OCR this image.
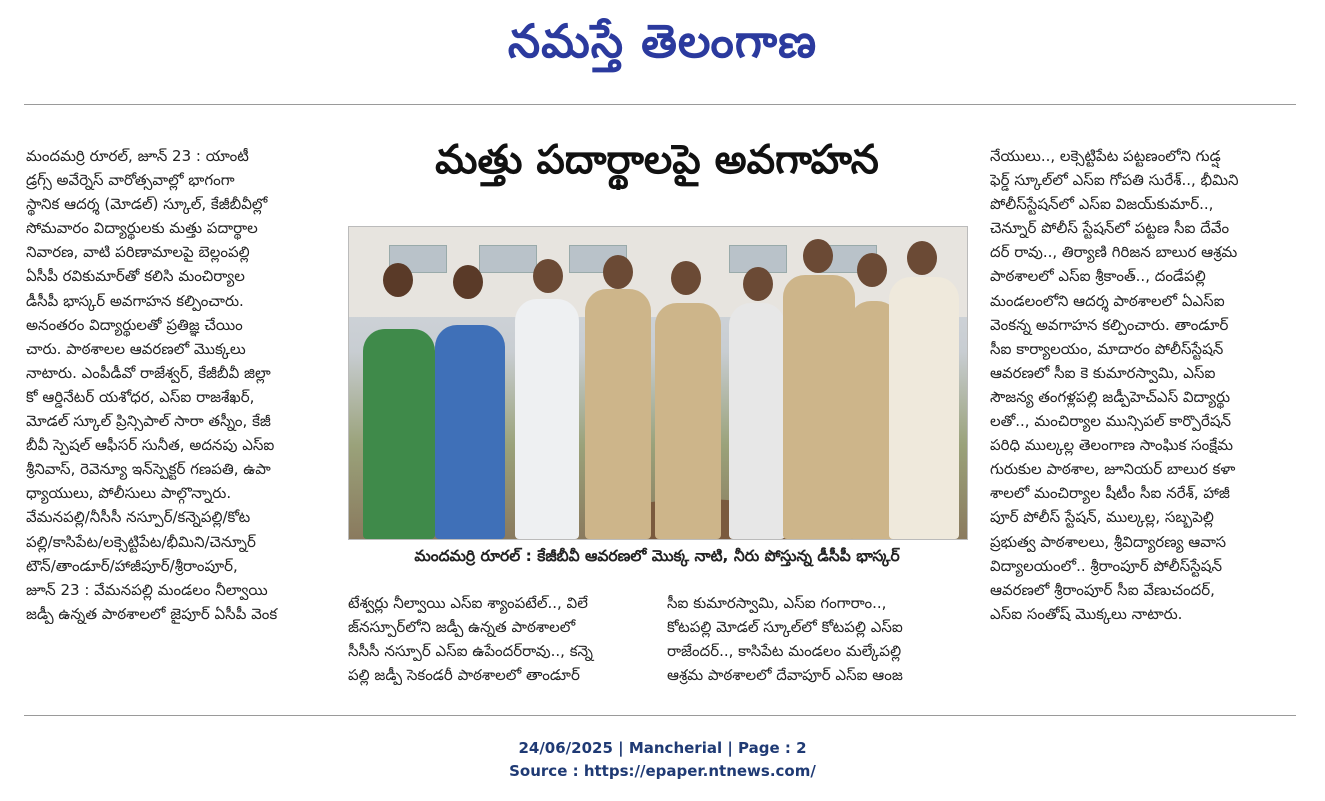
నమస్తే తెలంగాణ
మత్తు పదార్థాలపై అవగాహన
మందమర్రి రూరల్, జూన్ 23 : యాంటీ
డ్రగ్స్ అవేర్నెస్ వారోత్సవాల్లో భాగంగా
స్థానిక ఆదర్శ (మోడల్) స్కూల్, కేజీబీవీల్లో
సోమవారం విద్యార్థులకు మత్తు పదార్థాల
నివారణ, వాటి పరిణామాలపై బెల్లంపల్లి
ఏసీపీ రవికుమార్‌తో కలిసి మంచిర్యాల
డీసీపీ భాస్కర్ అవగాహన కల్పించారు.
అనంతరం విద్యార్థులతో ప్రతిజ్ఞ చేయిం
చారు. పాఠశాలల ఆవరణలో మొక్కలు
నాటారు. ఎంపీడీవో రాజేశ్వర్, కేజీబీవీ జిల్లా
కో ఆర్డినేటర్ యశోధర, ఎస్ఐ రాజశేఖర్,
మోడల్ స్కూల్ ప్రిన్సిపాల్ సారా తస్నీం, కేజీ
బీవీ స్పెషల్ ఆఫీసర్ సునీత, అదనపు ఎస్ఐ
శ్రీనివాస్, రెవెన్యూ ఇన్‌స్పెక్టర్ గణపతి, ఉపా
ధ్యాయులు, పోలీసులు పాల్గొన్నారు.
వేమనపల్లి/నీసీసీ నస్పూర్/కన్నెపల్లి/కోట
పల్లి/కాసిపేట/లక్సెట్టిపేట/భీమిని/చెన్నూర్
టౌన్/తాండూర్/హాజీపూర్/శ్రీరాంపూర్,
జూన్ 23 : వేమనపల్లి మండలం నీల్వాయి
జడ్పీ ఉన్నత పాఠశాలలో జైపూర్ ఏసీపీ వెంక
మందమర్రి రూరల్ : కేజీబీవీ ఆవరణలో మొక్క నాటి, నీరు పోస్తున్న డీసీపీ భాస్కర్
టేశ్వర్లు నీల్వాయి ఎస్ఐ శ్యాంపటేల్.., విలే
జ్‌నస్పూర్‌లోని జడ్పీ ఉన్నత పాఠశాలలో
సీసీసీ నస్పూర్ ఎస్ఐ ఉపేందర్‌రావు.., కన్నె
పల్లి జడ్పీ సెకండరీ పాఠశాలలో తాండూర్
సీఐ కుమారస్వామి, ఎస్ఐ గంగారాం..,
కోటపల్లి మోడల్ స్కూల్‌లో కోటపల్లి ఎస్ఐ
రాజేందర్.., కాసిపేట మండలం మల్కేపల్లి
ఆశ్రమ పాఠశాలలో దేవాపూర్ ఎస్ఐ ఆంజ
నేయులు.., లక్సెట్టిపేట పట్టణంలోని గుడ్ష
ఫెర్డ్ స్కూల్‌లో ఎస్ఐ గోపతి సురేశ్.., భీమిని
పోలీస్‌స్టేషన్‌లో ఎస్ఐ విజయ్‌కుమార్..,
చెన్నూర్ పోలీస్ స్టేషన్‌లో పట్టణ సీఐ దేవేం
దర్ రావు.., తిర్యాణి గిరిజన బాలుర ఆశ్రమ
పాఠశాలలో ఎస్ఐ శ్రీకాంత్.., దండేపల్లి
మండలంలోని ఆదర్శ పాఠశాలలో ఏఎస్ఐ
వెంకన్న అవగాహన కల్పించారు. తాండూర్
సీఐ కార్యాలయం, మాదారం పోలీస్‌స్టేషన్
ఆవరణలో సీఐ కె కుమారస్వామి, ఎస్ఐ
సౌజన్య తంగళ్లపల్లి జడ్పీహెచ్ఎస్ విద్యార్థు
లతో.., మంచిర్యాల మున్సిపల్ కార్పొరేషన్
పరిధి ముల్కల్ల తెలంగాణ సాంఘిక సంక్షేమ
గురుకుల పాఠశాల, జూనియర్ బాలుర కళా
శాలలో మంచిర్యాల షీటీం సీఐ నరేశ్, హాజీ
పూర్ పోలీస్ స్టేషన్, ముల్కల్ల, సబ్బపెల్లి
ప్రభుత్వ పాఠశాలలు, శ్రీవిద్యారణ్య ఆవాస
విద్యాలయంలో.. శ్రీరాంపూర్ పోలీస్‌స్టేషన్
ఆవరణలో శ్రీరాంపూర్ సీఐ వేణుచందర్,
ఎస్ఐ సంతోష్ మొక్కలు నాటారు.
24/06/2025 | Mancherial | Page : 2
Source : https://epaper.ntnews.com/
